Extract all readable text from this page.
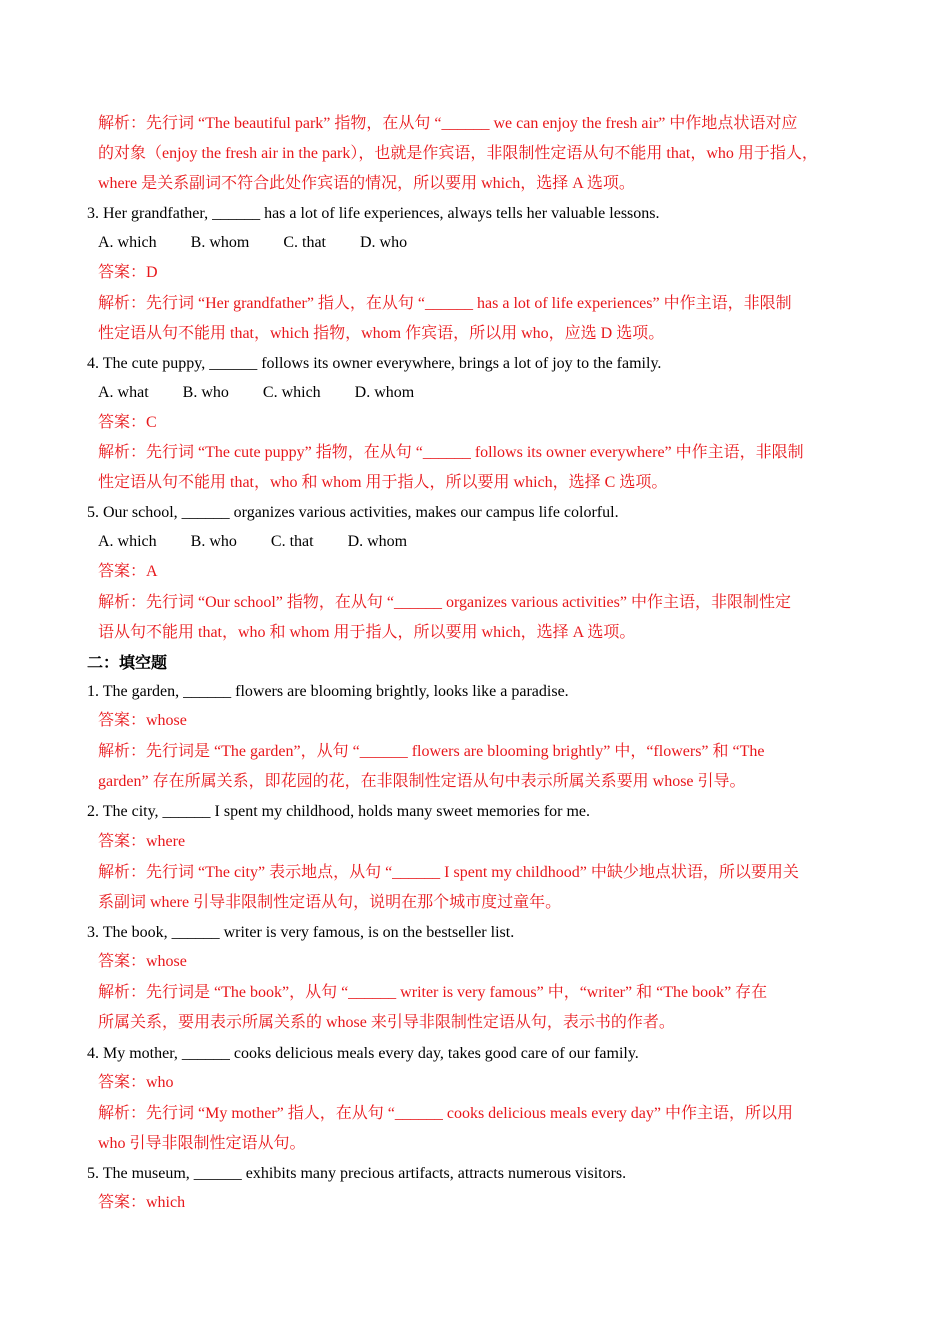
解析：先行词 “The beautiful park” 指物，在从句 “______ we can enjoy the fresh air” 中作地点状语对应
的对象（enjoy the fresh air in the park），也就是作宾语，非限制性定语从句不能用 that，who 用于指人，
where 是关系副词不符合此处作宾语的情况，所以要用 which，选择 A 选项。
3. Her grandfather, ______ has a lot of life experiences, always tells her valuable lessons.
A. which B. whom C. that D. who
答案：D
解析：先行词 “Her grandfather” 指人，在从句 “______ has a lot of life experiences” 中作主语，非限制
性定语从句不能用 that，which 指物，whom 作宾语，所以用 who，应选 D 选项。
4. The cute puppy, ______ follows its owner everywhere, brings a lot of joy to the family.
A. what B. who C. which D. whom
答案：C
解析：先行词 “The cute puppy” 指物，在从句 “______ follows its owner everywhere” 中作主语，非限制
性定语从句不能用 that，who 和 whom 用于指人，所以要用 which，选择 C 选项。
5. Our school, ______ organizes various activities, makes our campus life colorful.
A. which B. who C. that D. whom
答案：A
解析：先行词 “Our school” 指物，在从句 “______ organizes various activities” 中作主语，非限制性定
语从句不能用 that，who 和 whom 用于指人，所以要用 which，选择 A 选项。
二：填空题
1. The garden, ______ flowers are blooming brightly, looks like a paradise.
答案：whose
解析：先行词是 “The garden”，从句 “______ flowers are blooming brightly” 中，“flowers” 和 “The
garden” 存在所属关系，即花园的花，在非限制性定语从句中表示所属关系要用 whose 引导。
2. The city, ______ I spent my childhood, holds many sweet memories for me.
答案：where
解析：先行词 “The city” 表示地点，从句 “______ I spent my childhood” 中缺少地点状语，所以要用关
系副词 where 引导非限制性定语从句，说明在那个城市度过童年。
3. The book, ______ writer is very famous, is on the bestseller list.
答案：whose
解析：先行词是 “The book”，从句 “______ writer is very famous” 中，“writer” 和 “The book” 存在
所属关系，要用表示所属关系的 whose 来引导非限制性定语从句，表示书的作者。
4. My mother, ______ cooks delicious meals every day, takes good care of our family.
答案：who
解析：先行词 “My mother” 指人，在从句 “______ cooks delicious meals every day” 中作主语，所以用
who 引导非限制性定语从句。
5. The museum, ______ exhibits many precious artifacts, attracts numerous visitors.
答案：which
